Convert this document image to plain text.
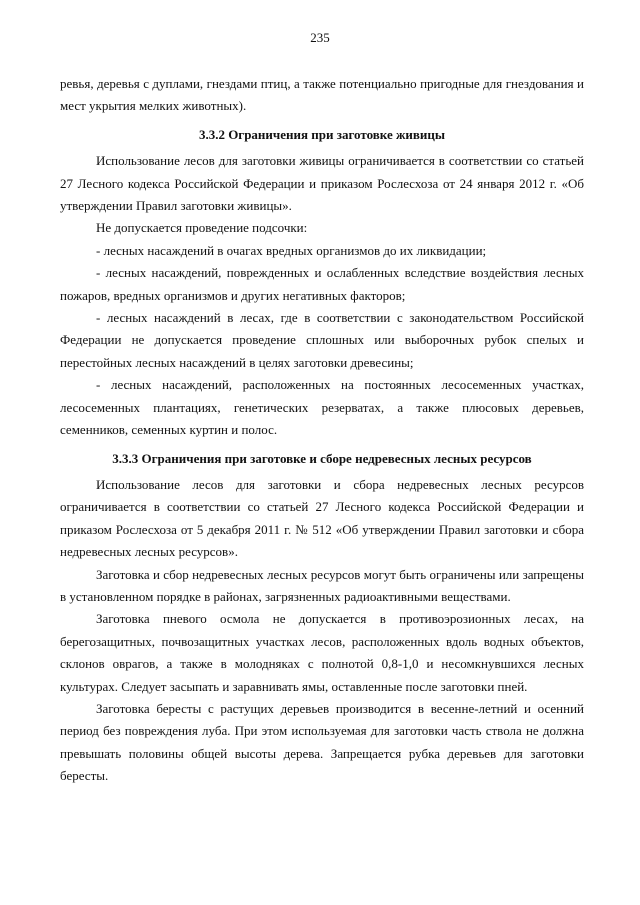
235

ревья, деревья с дуплами, гнездами птиц, а также потенциально пригодные для гнездования и мест укрытия мелких животных).

3.3.2 Ограничения при заготовке живицы

Использование лесов для заготовки живицы ограничивается в соответствии со статьей 27 Лесного кодекса Российской Федерации и приказом Рослесхоза от 24 января 2012 г. «Об утверждении Правил заготовки живицы».

Не допускается проведение подсочки:

- лесных насаждений в очагах вредных организмов до их ликвидации;

- лесных насаждений, поврежденных и ослабленных вследствие воздействия лесных пожаров, вредных организмов и других негативных факторов;

- лесных насаждений в лесах, где в соответствии с законодательством Российской Федерации не допускается проведение сплошных или выборочных рубок спелых и перестойных лесных насаждений в целях заготовки древесины;

- лесных насаждений, расположенных на постоянных лесосеменных участках, лесосеменных плантациях, генетических резерватах, а также плюсовых деревьев, семенников, семенных куртин и полос.

3.3.3 Ограничения при заготовке и сборе недревесных лесных ресурсов

Использование лесов для заготовки и сбора недревесных лесных ресурсов ограничивается в соответствии со статьей 27 Лесного кодекса Российской Федерации и приказом Рослесхоза от 5 декабря 2011 г. № 512 «Об утверждении Правил заготовки и сбора недревесных лесных ресурсов».

Заготовка и сбор недревесных лесных ресурсов могут быть ограничены или запрещены в установленном порядке в районах, загрязненных радиоактивными веществами.

Заготовка пневого осмола не допускается в противоэрозионных лесах, на берегозащитных, почвозащитных участках лесов, расположенных вдоль водных объектов, склонов оврагов, а также в молодняках с полнотой 0,8-1,0 и несомкнувшихся лесных культурах. Следует засыпать и заравнивать ямы, оставленные после заготовки пней.

Заготовка бересты с растущих деревьев производится в весенне-летний и осенний период без повреждения луба. При этом используемая для заготовки часть ствола не должна превышать половины общей высоты дерева. Запрещается рубка деревьев для заготовки бересты.
